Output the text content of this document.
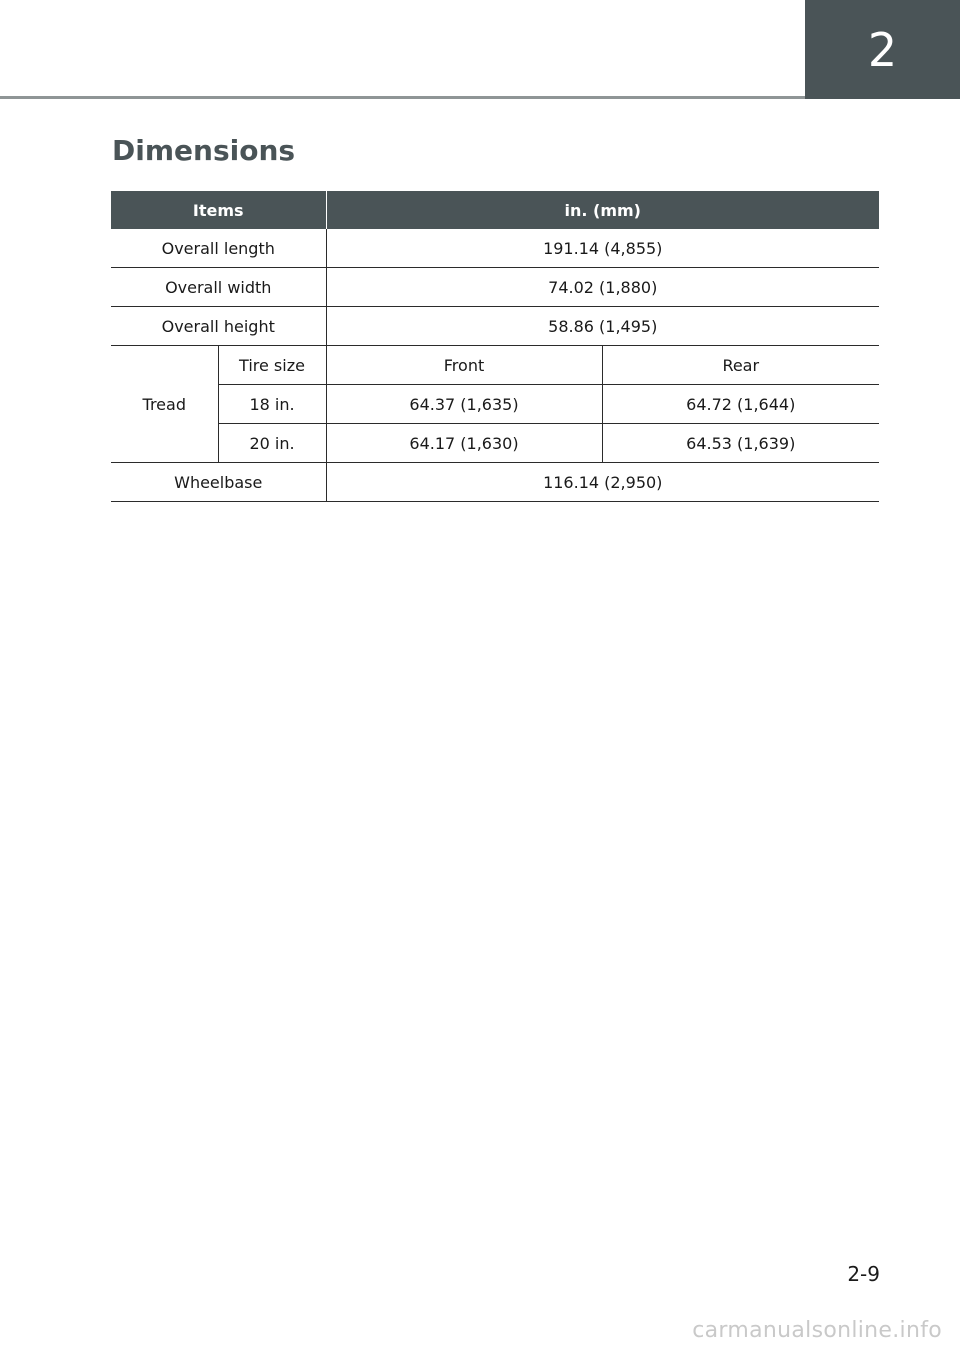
2
Dimensions
Items		in. (mm)	
Overall length		191.14 (4,855)	
Overall width		74.02 (1,880)	
Overall height		58.86 (1,495)	
Tread	Tire size	Front	Rear
	18 in.	64.37 (1,635)	64.72 (1,644)
	20 in.	64.17 (1,630)	64.53 (1,639)
Wheelbase		116.14 (2,950)	
2-9
carmanualsonline.info
